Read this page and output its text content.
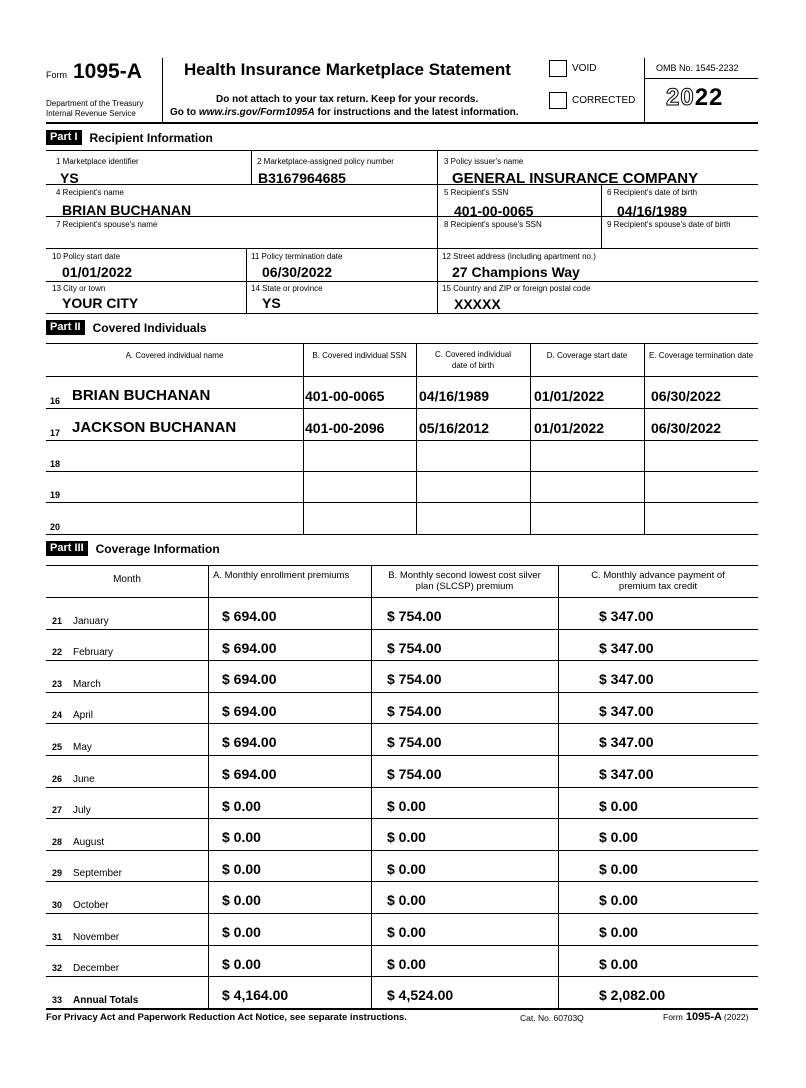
Form 1095-A
Department of the Treasury
Internal Revenue Service
Health Insurance Marketplace Statement
Do not attach to your tax return. Keep for your records.
Go to www.irs.gov/Form1095A for instructions and the latest information.
VOID
CORRECTED
OMB No. 1545-2232
2022
Part I	Recipient Information
1 Marketplace identifier
YS
2 Marketplace-assigned policy number
B3167964685
3 Policy issuer's name
GENERAL INSURANCE COMPANY
4 Recipient's name
BRIAN BUCHANAN
5 Recipient's SSN
401-00-0065
6 Recipient's date of birth
04/16/1989
7 Recipient's spouse's name	8 Recipient's spouse's SSN	9 Recipient's spouse's date of birth
10 Policy start date
01/01/2022
11 Policy termination date
06/30/2022
12 Street address (including apartment no.)
27 Champions Way
13 City or town
YOUR CITY
14 State or province
YS
15 Country and ZIP or foreign postal code
XXXXX
Part II	Covered Individuals
A. Covered individual name	B. Covered individual SSN	C. Covered individual
date of birth
D. Coverage start date	E. Coverage termination date
16 BRIAN BUCHANAN	401-00-0065 04/16/1989	01/01/2022	06/30/2022
17 JACKSON BUCHANAN	401-00-2096 05/16/2012	01/01/2022	06/30/2022
18
19
20
Part III	Coverage Information
Month	A. Monthly enrollment premiums	B. Monthly second lowest cost silver
plan (SLCSP) premium
C. Monthly advance payment of
premium tax credit
21 January	$ 694.00	$ 754.00	$ 347.00
22 February	$ 694.00	$ 754.00	$ 347.00
23 March	$ 694.00	$ 754.00	$ 347.00
24 April	$ 694.00	$ 754.00	$ 347.00
25 May	$ 694.00	$ 754.00	$ 347.00
26 June	$ 694.00	$ 754.00	$ 347.00
27 July	$ 0.00	$ 0.00	$ 0.00
28 August	$ 0.00	$ 0.00	$ 0.00
29 September	$ 0.00	$ 0.00	$ 0.00
30 October	$ 0.00	$ 0.00	$ 0.00
31 November	$ 0.00	$ 0.00	$ 0.00
32 December	$ 0.00	$ 0.00	$ 0.00
33 Annual Totals	$ 4,164.00	$ 4,524.00	$ 2,082.00
For Privacy Act and Paperwork Reduction Act Notice, see separate instructions.	Cat. No. 60703Q	Form 1095-A (2022)
